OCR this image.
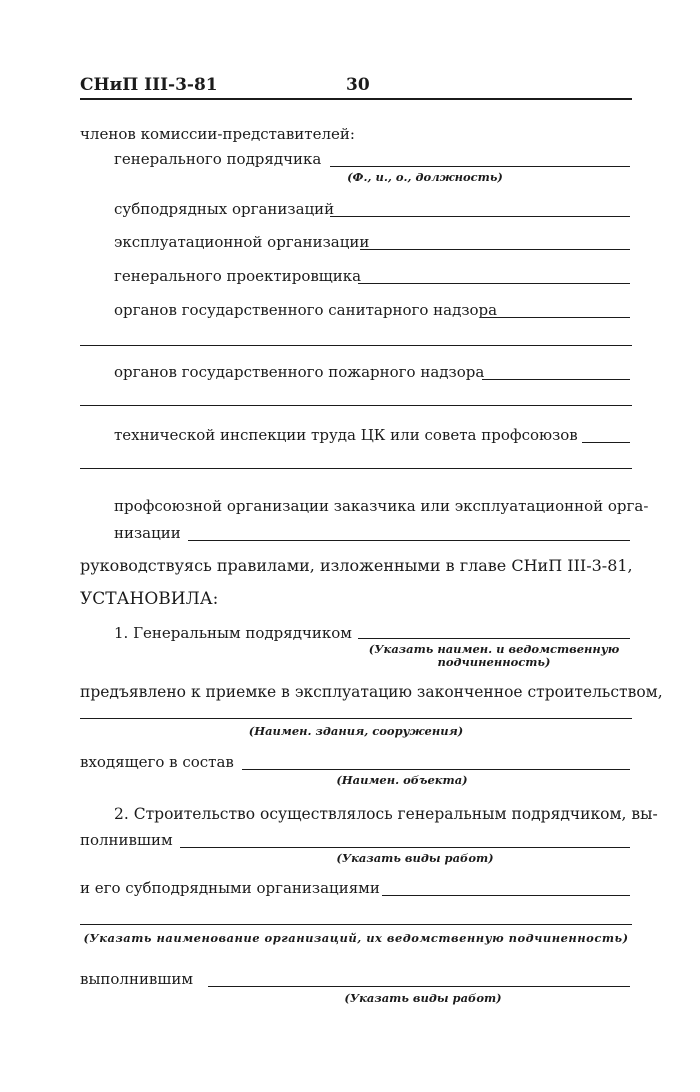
СНиП III-3-81	30
членов комиссии-представителей:
генерального подрядчика
(Ф., и., о., должность)
субподрядных организаций
эксплуатационной организации
генерального проектировщика
органов государственного санитарного надзора
органов государственного пожарного надзора
технической инспекции труда ЦК или совета профсоюзов
профсоюзной организации заказчика или эксплуатационной орга-
низации
руководствуясь правилами, изложенными в главе СНиП III-3-81,
УСТАНОВИЛА:
1. Генеральным подрядчиком
(Указать наимен. и ведомственную
подчиненность)
предъявлено к приемке в эксплуатацию законченное строительством,
(Наимен. здания, сооружения)
входящего в состав
(Наимен. объекта)
2. Строительство осуществлялось генеральным подрядчиком, вы-
полнившим
(Указать виды работ)
и его субподрядными организациями
(Указать наименование организаций, их ведомственную подчиненность)
выполнившим
(Указать виды работ)
